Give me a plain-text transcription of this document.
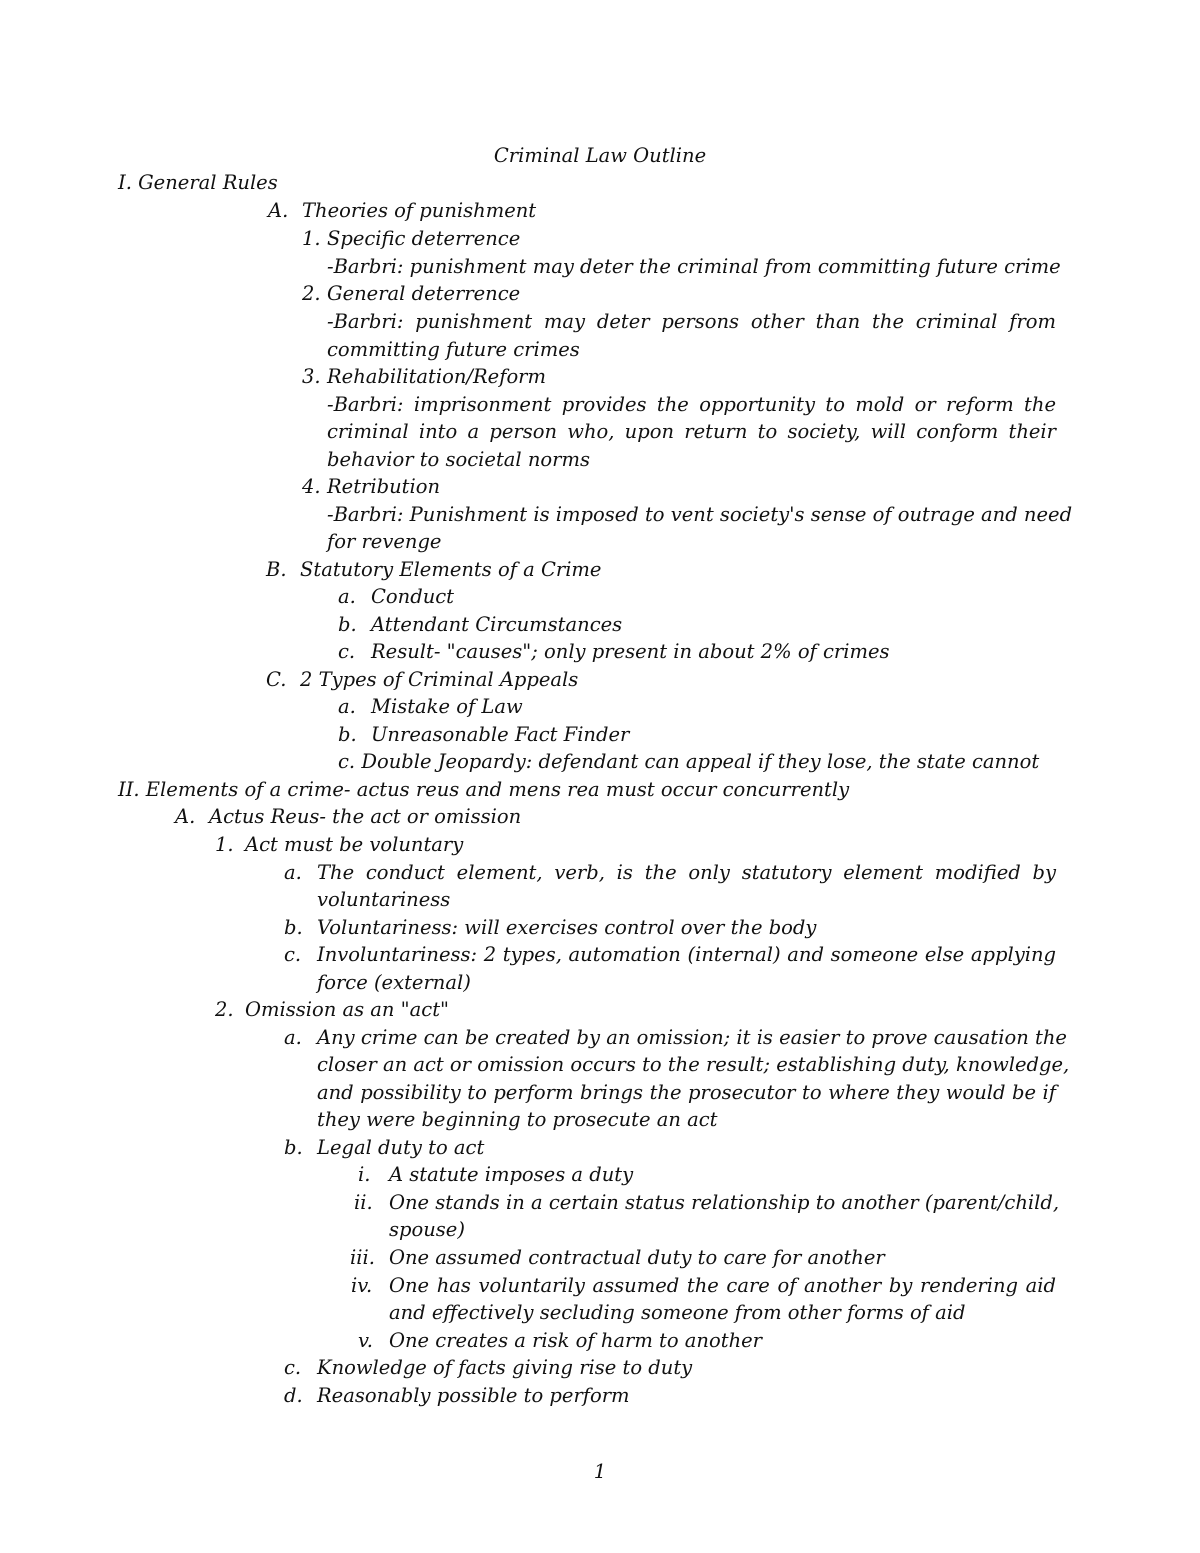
Criminal Law Outline
I. General Rules
A. Theories of punishment
1. Specific deterrence
-Barbri: punishment may deter the criminal from committing future crime
2. General deterrence
-Barbri: punishment may deter persons other than the criminal from
committing future crimes
3. Rehabilitation/Reform
-Barbri: imprisonment provides the opportunity to mold or reform the
criminal into a person who, upon return to society, will conform their
behavior to societal norms
4. Retribution
-Barbri: Punishment is imposed to vent society's sense of outrage and need
for revenge
B. Statutory Elements of a Crime
a. Conduct
b. Attendant Circumstances
c. Result- "causes"; only present in about 2% of crimes
C. 2 Types of Criminal Appeals
a. Mistake of Law
b. Unreasonable Fact Finder
c. Double Jeopardy: defendant can appeal if they lose, the state cannot
II. Elements of a crime- actus reus and mens rea must occur concurrently
A. Actus Reus- the act or omission
1. Act must be voluntary
a. The conduct element, verb, is the only statutory element modified by
voluntariness
b. Voluntariness: will exercises control over the body
c. Involuntariness: 2 types, automation (internal) and someone else applying
force (external)
2. Omission as an "act"
a. Any crime can be created by an omission; it is easier to prove causation the
closer an act or omission occurs to the result; establishing duty, knowledge,
and possibility to perform brings the prosecutor to where they would be if
they were beginning to prosecute an act
b. Legal duty to act
i. A statute imposes a duty
ii. One stands in a certain status relationship to another (parent/child,
spouse)
iii. One assumed contractual duty to care for another
iv. One has voluntarily assumed the care of another by rendering aid
and effectively secluding someone from other forms of aid
v. One creates a risk of harm to another
c. Knowledge of facts giving rise to duty
d. Reasonably possible to perform
1
